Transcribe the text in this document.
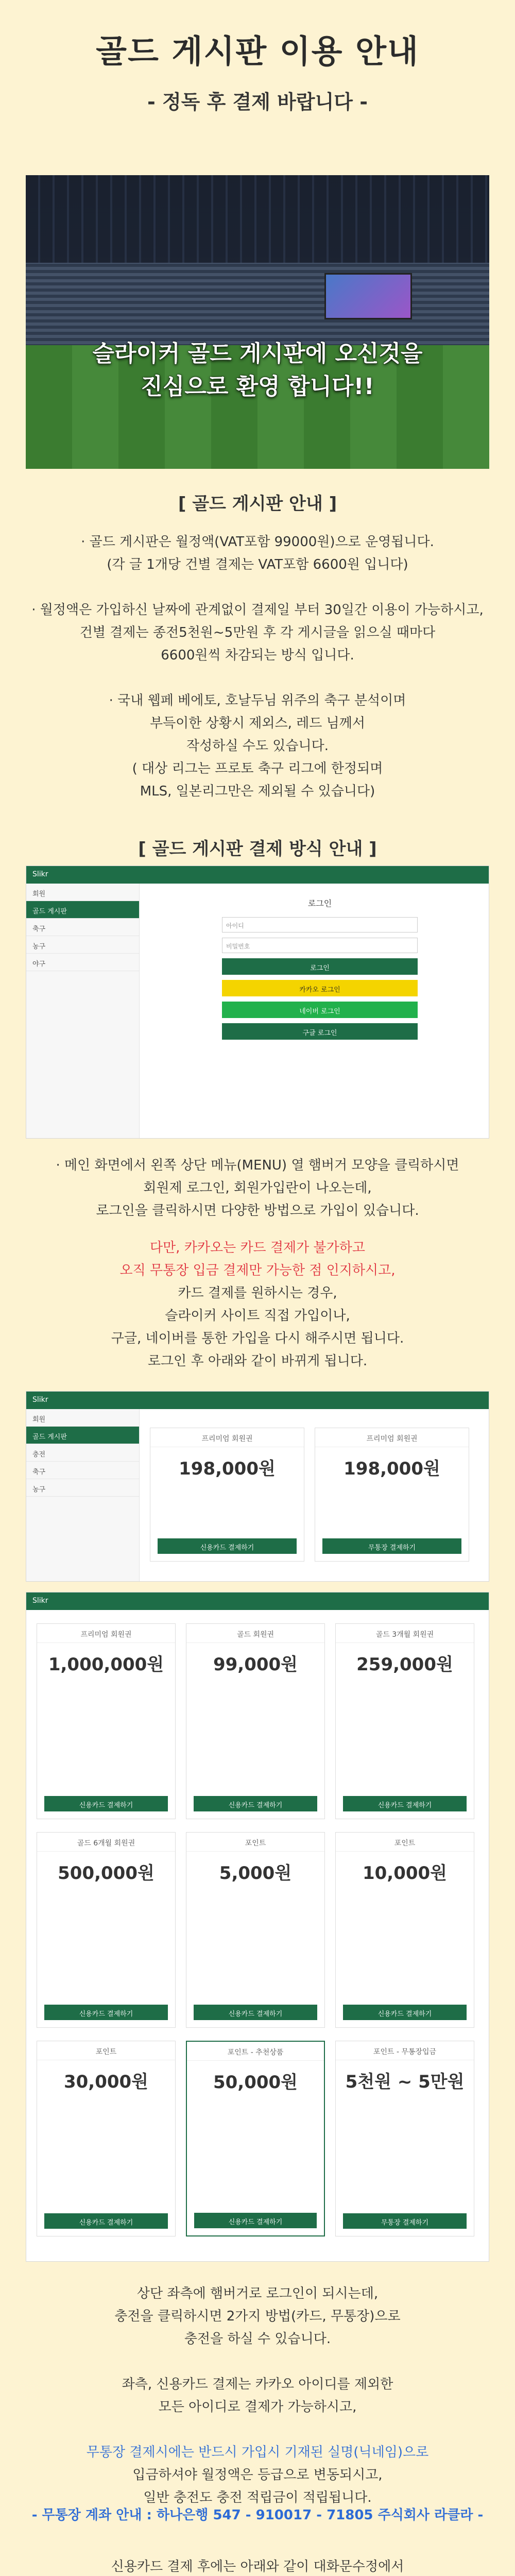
골드 게시판 이용 안내

- 정독 후 결제 바랍니다 -

슬라이커 골드 게시판에 오신것을
진심으로 환영 합니다!!
[ 골드 게시판 안내 ]
· 골드 게시판은 월정액(VAT포함 99000원)으로 운영됩니다.
(각 글 1개당 건별 결제는 VAT포함 6600원 입니다)
· 월정액은 가입하신 날짜에 관계없이 결제일 부터 30일간 이용이 가능하시고,
건별 결제는 종전5천원~5만원 후 각 게시글을 읽으실 때마다
6600원씩 차감되는 방식 입니다.
· 국내 웹페 베에토, 호날두님 위주의 축구 분석이며
부득이한 상황시 제외스, 레드 님께서
작성하실 수도 있습니다.
( 대상 리그는 프로토 축구 리그에 한정되며
MLS, 일본리그만은 제외될 수 있습니다)
[ 골드 게시판 결제 방식 안내 ]
Slikr
회원
골드 게시판
축구
농구
야구
로그인
아이디
비밀번호
로그인
카카오 로그인
네이버 로그인
구글 로그인
· 메인 화면에서 왼쪽 상단 메뉴(MENU) 열 햄버거 모양을 클릭하시면
회원제 로그인, 회원가입란이 나오는데,
로그인을 클릭하시면 다양한 방법으로 가입이 있습니다.
다만, 카카오는 카드 결제가 불가하고
오직 무통장 입금 결제만 가능한 점 인지하시고,
카드 결제를 원하시는 경우,
슬라이커 사이트 직접 가입이나,
구글, 네이버를 통한 가입을 다시 해주시면 됩니다.
로그인 후 아래와 같이 바뀌게 됩니다.
Slikr
회원
골드 게시판
충전
축구
농구
프리미엄 회원권
198,000원
신용카드 결제하기
프리미엄 회원권
198,000원
무통장 결제하기
Slikr
프리미엄 회원권
1,000,000원
신용카드 결제하기
골드 회원권
99,000원
신용카드 결제하기
골드 3개월 회원권
259,000원
신용카드 결제하기
골드 6개월 회원권
500,000원
신용카드 결제하기
포인트
5,000원
신용카드 결제하기
포인트
10,000원
신용카드 결제하기
포인트
30,000원
신용카드 결제하기
포인트 - 추천상품
50,000원
신용카드 결제하기
포인트 - 무통장입금
5천원 ~ 5만원
무통장 결제하기
상단 좌측에 햄버거로 로그인이 되시는데,
충전을 클릭하시면 2가지 방법(카드, 무통장)으로
충전을 하실 수 있습니다.
좌측, 신용카드 결제는 카카오 아이디를 제외한
모든 아이디로 결제가 가능하시고,
무통장 결제시에는 반드시 가입시 기재된 실명(닉네임)으로
입금하셔야 월정액은 등급으로 변동되시고,
일반 충전도 충전 적립금이 적립됩니다.
- 무통장 계좌 안내 : 하나은행 547 - 910017 - 71805 주식회사 라클라 -
신용카드 결제 후에는 아래와 같이 대화문수정에서
